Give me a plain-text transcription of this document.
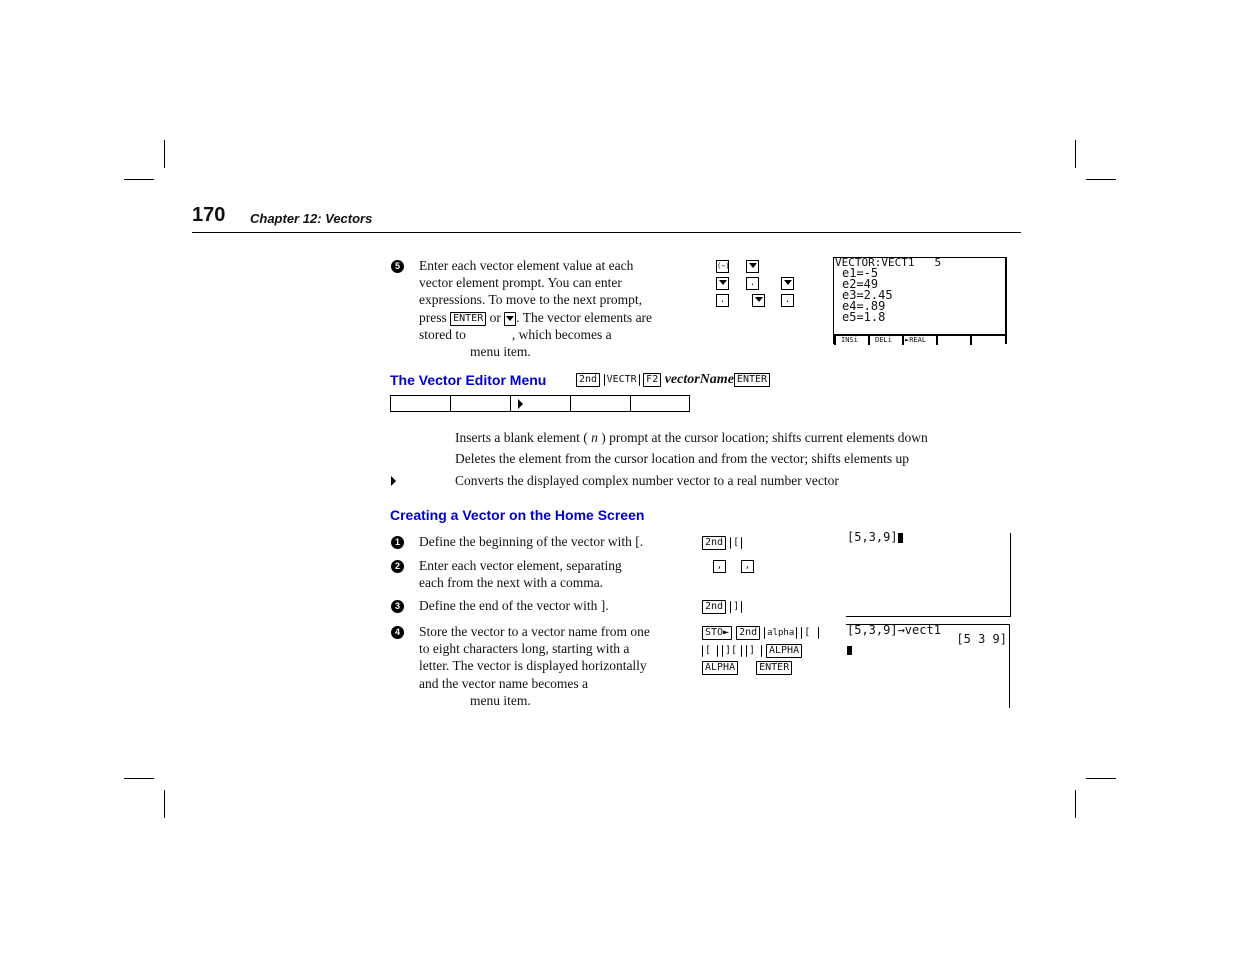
170 Chapter 12: Vectors
5 Enter each vector element value at each
vector element prompt. You can enter
expressions. To move to the next prompt,
press ENTER or . The vector elements are
stored to	, which becomes a
menu item.
(−)
.
.	.
VECTOR:VECT1 5
e1=-5
e2=49
e3=2.45
e4=.89
e5=1.8
INSi DELi ►REAL
The Vector Editor Menu	2nd VECTR F2 vectorName ENTER
Inserts a blank element ( n ) prompt at the cursor location; shifts current elements down
Deletes the element from the cursor location and from the vector; shifts elements up
Converts the displayed complex number vector to a real number vector
Creating a Vector on the Home Screen
1 Define the beginning of the vector with [.	2nd [
2 Enter each vector element, separating
each from the next with a comma.
,	,
3 Define the end of the vector with ].	2nd ]
4 Store the vector to a vector name from one
to eight characters long, starting with a
letter. The vector is displayed horizontally
and the vector name becomes a
menu item.
STO► 2nd alpha [
[ ][ ] ALPHA
ALPHA ENTER
[5,3,9]
[5,3,9]→vect1
[5 3 9]
